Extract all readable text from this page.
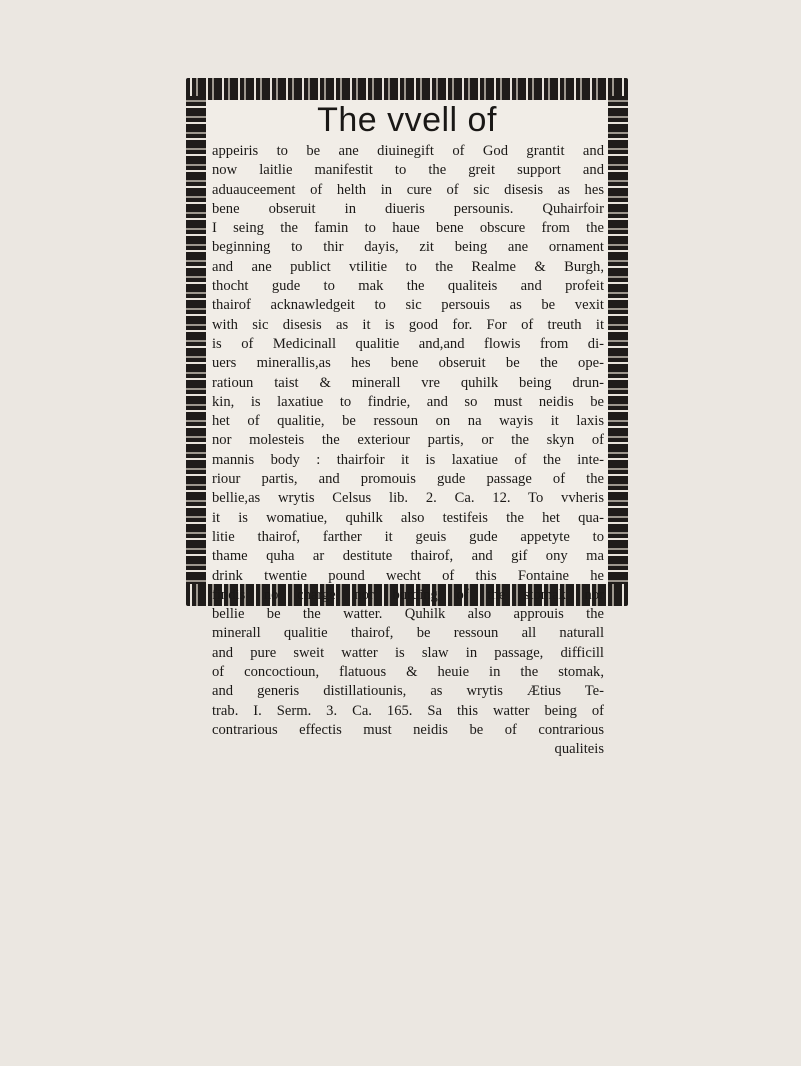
The vvell of
appeiris to be ane diuinegift of God grantit and
now laitlie manifestit to the greit support and
aduauceement of helth in cure of sic disesis as hes
bene obseruit in diueris persounis. Quhairfoir
I seing the famin to haue bene obscure from the
beginning to thir dayis, zit being ane ornament
and ane publict vtilitie to the Realme & Burgh,
thocht gude to mak the qualiteis and profeit
thairof acknawledgeit to sic persouis as be vexit
with sic disesis as it is good for. For of treuth it
is of Medicinall qualitie and,and flowis from di-
uers minerallis,as hes bene obseruit be the ope-
ratioun taist & minerall vre quhilk being drun-
kin, is laxatiue to findrie, and so must neidis be
het of qualitie, be ressoun on na wayis it laxis
nor molesteis the exteriour partis, or the skyn of
mannis body : thairfoir it is laxatiue of the inte-
riour partis, and promouis gude passage of the
bellie,as wrytis Celsus lib. 2. Ca. 12. To vvheris
it is womatiue, quhilk also testifeis the het qua-
litie thairof, farther it geuis gude appetyte to
thame quha ar destitute thairof, and gif ony ma
drink twentie pound wecht of this Fontaine he
findis no charge nor burding of the stomak nor
bellie be the watter. Quhilk also approuis the
minerall qualitie thairof, be ressoun all naturall
and pure sweit watter is slaw in passage, difficill
of concoctioun, flatuous & heuie in the stomak,
and generis distillatiounis, as wrytis Ætius Te-
trab. I. Serm. 3. Ca. 165. Sa this watter being of
contrarious effectis must neidis be of contrarious
qualiteis
